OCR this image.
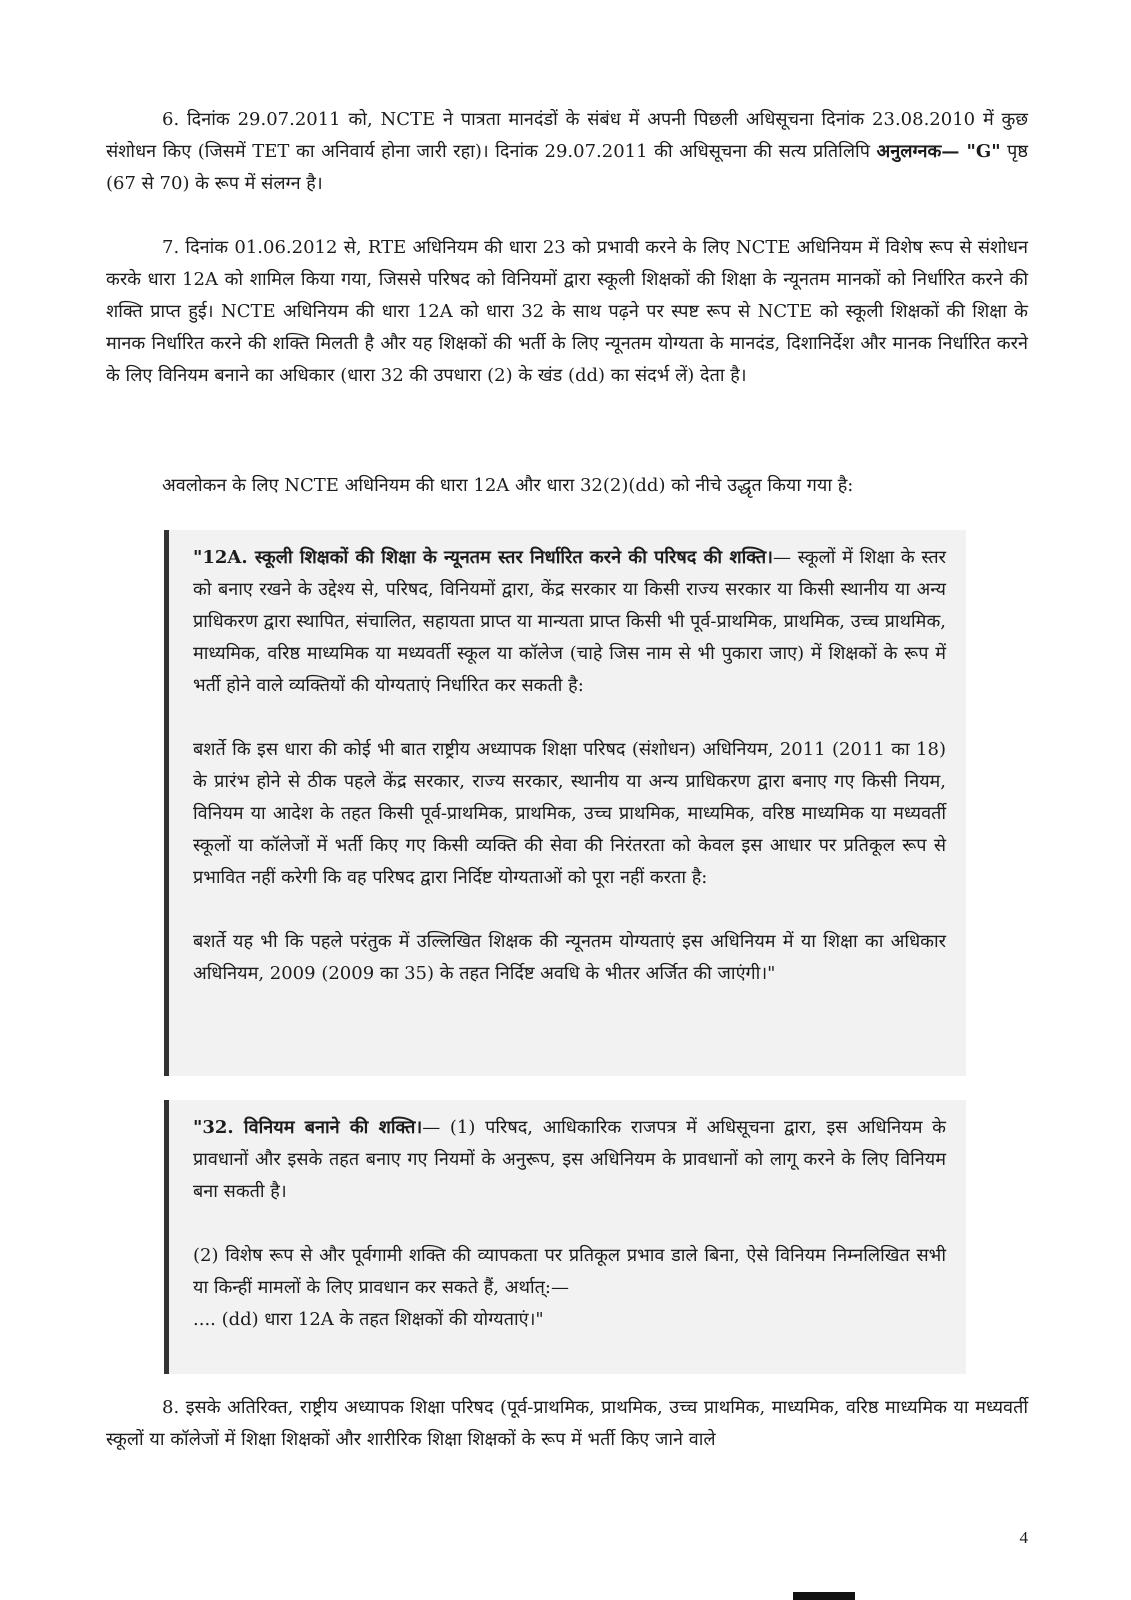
6. दिनांक 29.07.2011 को, NCTE ने पात्रता मानदंडों के संबंध में अपनी पिछली अधिसूचना दिनांक 23.08.2010 में कुछ संशोधन किए (जिसमें TET का अनिवार्य होना जारी रहा)। दिनांक 29.07.2011 की अधिसूचना की सत्य प्रतिलिपि अनुलग्नक— "G" पृष्ठ (67 से 70) के रूप में संलग्न है।

7. दिनांक 01.06.2012 से, RTE अधिनियम की धारा 23 को प्रभावी करने के लिए NCTE अधिनियम में विशेष रूप से संशोधन करके धारा 12A को शामिल किया गया, जिससे परिषद को विनियमों द्वारा स्कूली शिक्षकों की शिक्षा के न्यूनतम मानकों को निर्धारित करने की शक्ति प्राप्त हुई। NCTE अधिनियम की धारा 12A को धारा 32 के साथ पढ़ने पर स्पष्ट रूप से NCTE को स्कूली शिक्षकों की शिक्षा के मानक निर्धारित करने की शक्ति मिलती है और यह शिक्षकों की भर्ती के लिए न्यूनतम योग्यता के मानदंड, दिशानिर्देश और मानक निर्धारित करने के लिए विनियम बनाने का अधिकार (धारा 32 की उपधारा (2) के खंड (dd) का संदर्भ लें) देता है।

अवलोकन के लिए NCTE अधिनियम की धारा 12A और धारा 32(2)(dd) को नीचे उद्धृत किया गया है:

"12A. स्कूली शिक्षकों की शिक्षा के न्यूनतम स्तर निर्धारित करने की परिषद की शक्ति।— स्कूलों में शिक्षा के स्तर को बनाए रखने के उद्देश्य से, परिषद, विनियमों द्वारा, केंद्र सरकार या किसी राज्य सरकार या किसी स्थानीय या अन्य प्राधिकरण द्वारा स्थापित, संचालित, सहायता प्राप्त या मान्यता प्राप्त किसी भी पूर्व-प्राथमिक, प्राथमिक, उच्च प्राथमिक, माध्यमिक, वरिष्ठ माध्यमिक या मध्यवर्ती स्कूल या कॉलेज (चाहे जिस नाम से भी पुकारा जाए) में शिक्षकों के रूप में भर्ती होने वाले व्यक्तियों की योग्यताएं निर्धारित कर सकती है:

बशर्ते कि इस धारा की कोई भी बात राष्ट्रीय अध्यापक शिक्षा परिषद (संशोधन) अधिनियम, 2011 (2011 का 18) के प्रारंभ होने से ठीक पहले केंद्र सरकार, राज्य सरकार, स्थानीय या अन्य प्राधिकरण द्वारा बनाए गए किसी नियम, विनियम या आदेश के तहत किसी पूर्व-प्राथमिक, प्राथमिक, उच्च प्राथमिक, माध्यमिक, वरिष्ठ माध्यमिक या मध्यवर्ती स्कूलों या कॉलेजों में भर्ती किए गए किसी व्यक्ति की सेवा की निरंतरता को केवल इस आधार पर प्रतिकूल रूप से प्रभावित नहीं करेगी कि वह परिषद द्वारा निर्दिष्ट योग्यताओं को पूरा नहीं करता है:

बशर्ते यह भी कि पहले परंतुक में उल्लिखित शिक्षक की न्यूनतम योग्यताएं इस अधिनियम में या शिक्षा का अधिकार अधिनियम, 2009 (2009 का 35) के तहत निर्दिष्ट अवधि के भीतर अर्जित की जाएंगी।"

"32. विनियम बनाने की शक्ति।— (1) परिषद, आधिकारिक राजपत्र में अधिसूचना द्वारा, इस अधिनियम के प्रावधानों और इसके तहत बनाए गए नियमों के अनुरूप, इस अधिनियम के प्रावधानों को लागू करने के लिए विनियम बना सकती है।

(2) विशेष रूप से और पूर्वगामी शक्ति की व्यापकता पर प्रतिकूल प्रभाव डाले बिना, ऐसे विनियम निम्नलिखित सभी या किन्हीं मामलों के लिए प्रावधान कर सकते हैं, अर्थात्:—
.... (dd) धारा 12A के तहत शिक्षकों की योग्यताएं।"

8. इसके अतिरिक्त, राष्ट्रीय अध्यापक शिक्षा परिषद (पूर्व-प्राथमिक, प्राथमिक, उच्च प्राथमिक, माध्यमिक, वरिष्ठ माध्यमिक या मध्यवर्ती स्कूलों या कॉलेजों में शिक्षा शिक्षकों और शारीरिक शिक्षा शिक्षकों के रूप में भर्ती किए जाने वाले

4
